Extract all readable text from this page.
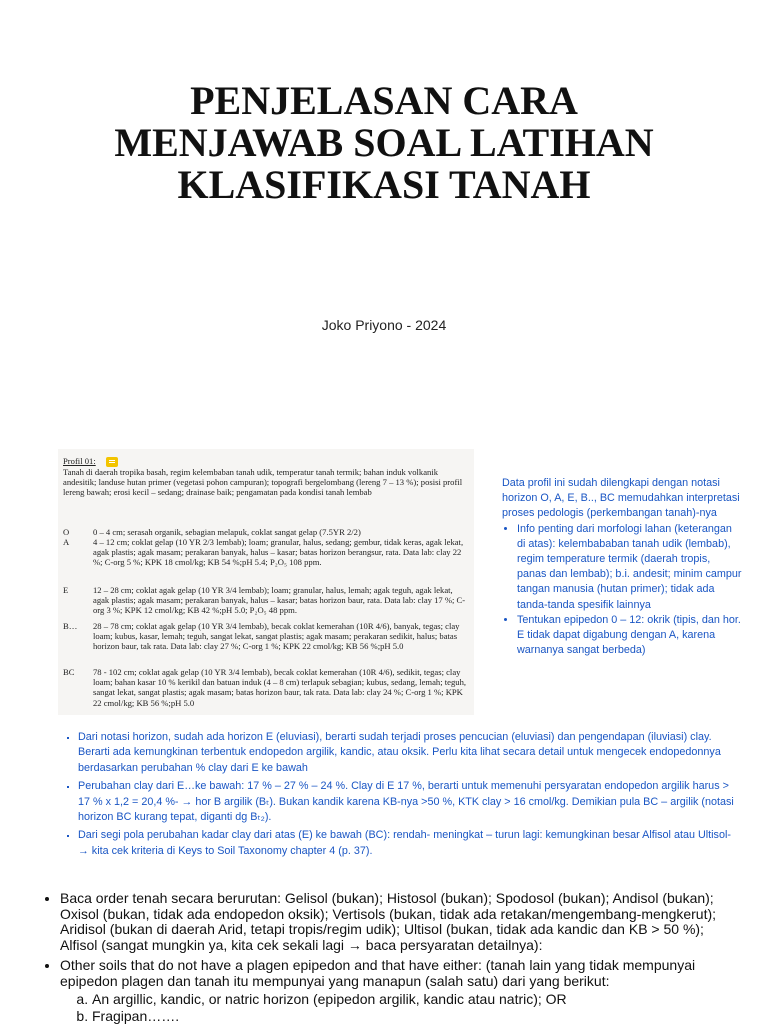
PENJELASAN CARA
MENJAWAB SOAL LATIHAN
KLASIFIKASI TANAH
Joko Priyono - 2024
Profil 01:
Tanah di daerah tropika basah, regim kelembaban tanah udik, temperatur tanah termik; bahan induk volkanik andesitik; landuse hutan primer (vegetasi pohon campuran); topografi bergelombang (lereng 7 – 13 %); posisi profil lereng bawah; erosi kecil – sedang; drainase baik; pengamatan pada kondisi tanah lembab
O	0 – 4 cm; serasah organik, sebagian melapuk, coklat sangat gelap (7.5YR 2/2)
A	4 – 12 cm; coklat gelap (10 YR 2/3 lembab); loam; granular, halus, sedang; gembur, tidak keras, agak lekat, agak plastis; agak masam; perakaran banyak, halus – kasar; batas horizon berangsur, rata. Data lab: clay 22 %; C-org 5 %; KPK 18 cmol/kg; KB 54 %;pH 5.4; P₂O₅ 108 ppm.
E	12 – 28 cm; coklat agak gelap (10 YR 3/4 lembab); loam; granular, halus, lemah; agak teguh, agak lekat, agak plastis; agak masam; perakaran banyak, halus – kasar; batas horizon baur, rata. Data lab: clay 17 %; C-org 3 %; KPK 12 cmol/kg; KB 42 %;pH 5.0; P₂O₅ 48 ppm.
B… 28 – 78 cm; coklat agak gelap (10 YR 3/4 lembab), becak coklat kemerahan (10R 4/6), banyak, tegas; clay loam; kubus, kasar, lemah; teguh, sangat lekat, sangat plastis; agak masam; perakaran sedikit, halus; batas horizon baur, tak rata. Data lab: clay 27 %; C-org 1 %; KPK 22 cmol/kg; KB 56 %;pH 5.0
BC 78 - 102 cm; coklat agak gelap (10 YR 3/4 lembab), becak coklat kemerahan (10R 4/6), sedikit, tegas; clay loam; bahan kasar 10 % kerikil dan batuan induk (4 – 8 cm) terlapuk sebagian; kubus, sedang, lemah; teguh, sangat lekat, sangat plastis; agak masam; batas horizon baur, tak rata. Data lab: clay 24 %; C-org 1 %; KPK 22 cmol/kg; KB 56 %;pH 5.0
Data profil ini sudah dilengkapi dengan notasi horizon O, A, E, B.., BC memudahkan interpretasi proses pedologis (perkembangan tanah)-nya
• Info penting dari morfologi lahan (keterangan di atas): kelembababan tanah udik (lembab), regim temperature termik (daerah tropis, panas dan lembab); b.i. andesit; minim campur tangan manusia (hutan primer); tidak ada tanda-tanda spesifik lainnya
• Tentukan epipedon 0 – 12: okrik (tipis, dan hor. E tidak dapat digabung dengan A, karena warnanya sangat berbeda)
▪ Dari notasi horizon, sudah ada horizon E (eluviasi), berarti sudah terjadi proses pencucian (eluviasi) dan pengendapan (iluviasi) clay. Berarti ada kemungkinan terbentuk endopedon argilik, kandic, atau oksik. Perlu kita lihat secara detail untuk mengecek endopedonnya berdasarkan perubahan % clay dari E ke bawah
▪ Perubahan clay dari E…ke bawah: 17 % – 27 % – 24 %. Clay di E 17 %, berarti untuk memenuhi persyaratan endopedon argilik harus > 17 % x 1,2 = 20,4 %- → hor B argilik (Bₜ). Bukan kandik karena KB-nya >50 %, KTK clay > 16 cmol/kg. Demikian pula BC – argilik (notasi horizon BC kurang tepat, diganti dg Bₜ₂).
▪ Dari segi pola perubahan kadar clay dari atas (E) ke bawah (BC): rendah- meningkat – turun lagi: kemungkinan besar Alfisol atau Ultisol- → kita cek kriteria di Keys to Soil Taxonomy chapter 4 (p. 37).
• Baca order tenah secara berurutan: Gelisol (bukan); Histosol (bukan); Spodosol (bukan); Andisol (bukan); Oxisol (bukan, tidak ada endopedon oksik); Vertisols (bukan, tidak ada retakan/mengembang-mengkerut); Aridisol (bukan di daerah Arid, tetapi tropis/regim udik); Ultisol (bukan, tidak ada kandic dan KB > 50 %); Alfisol (sangat mungkin ya, kita cek sekali lagi → baca persyaratan detailnya):
• Other soils that do not have a plagen epipedon and that have either: (tanah lain yang tidak mempunyai epipedon plagen dan tanah itu mempunyai yang manapun (salah satu) dari yang berikut:
a. An argillic, kandic, or natric horizon (epipedon argilik, kandic atau natric); OR
b. Fragipan…….
